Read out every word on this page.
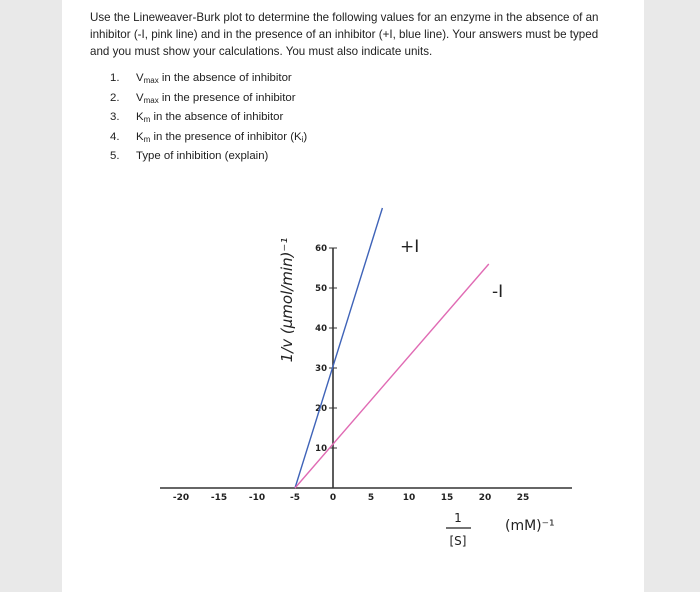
Use the Lineweaver-Burk plot to determine the following values for an enzyme in the absence of an inhibitor (-I, pink line) and in the presence of an inhibitor (+I, blue line). Your answers must be typed and you must show your calculations. You must also indicate units.

1. $V_{max}$ in the absence of inhibitor
2. $V_{max}$ in the presence of inhibitor
3. $K_m$ in the absence of inhibitor
4. $K_m$ in the presence of inhibitor $(K_i)$
5. Type of inhibition (explain)
-20 -15 -10	-5	0	5	10	15	20	25
10
20
30
40
50
60
1/v (μmol/min)⁻¹	+I
-I
1
[S]
(mM)⁻¹
